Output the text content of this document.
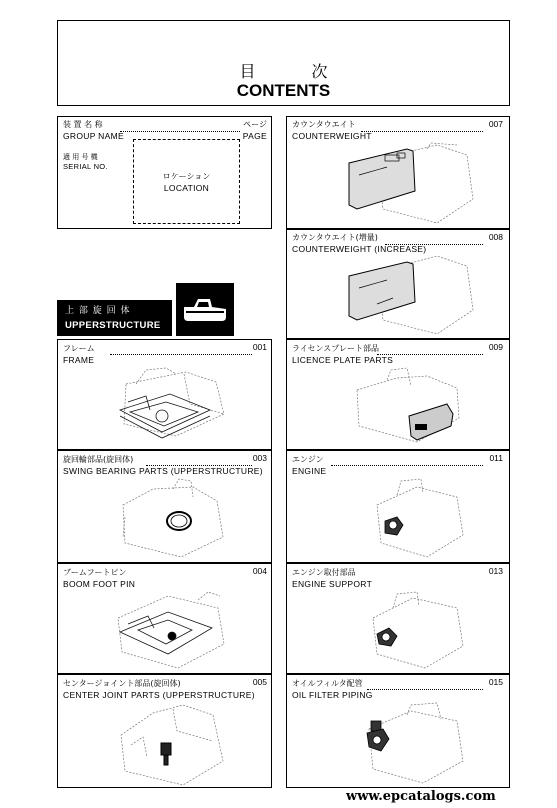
目次
CONTENTS
装 置 名 称	ページ
GROUP NAME	PAGE
適 用 号 機
SERIAL NO.
ロケーション
LOCATION
上 部 旋 回 体
UPPERSTRUCTURE
フレーム	001
FRAME
旋回輪部品(旋回体)	003
SWING BEARING PARTS (UPPERSTRUCTURE)
ブームフートピン	004
BOOM FOOT PIN
センタージョイント部品(旋回体)	005
CENTER JOINT PARTS (UPPERSTRUCTURE)
カウンタウエイト	007
COUNTERWEIGHT
カウンタウエイト(増量)	008
COUNTERWEIGHT (INCREASE)
ライセンスプレート部品	009
LICENCE PLATE PARTS
エンジン	011
ENGINE
エンジン取付部品	013
ENGINE SUPPORT
オイルフィルタ配管	015
OIL FILTER PIPING
www.epcatalogs.com
